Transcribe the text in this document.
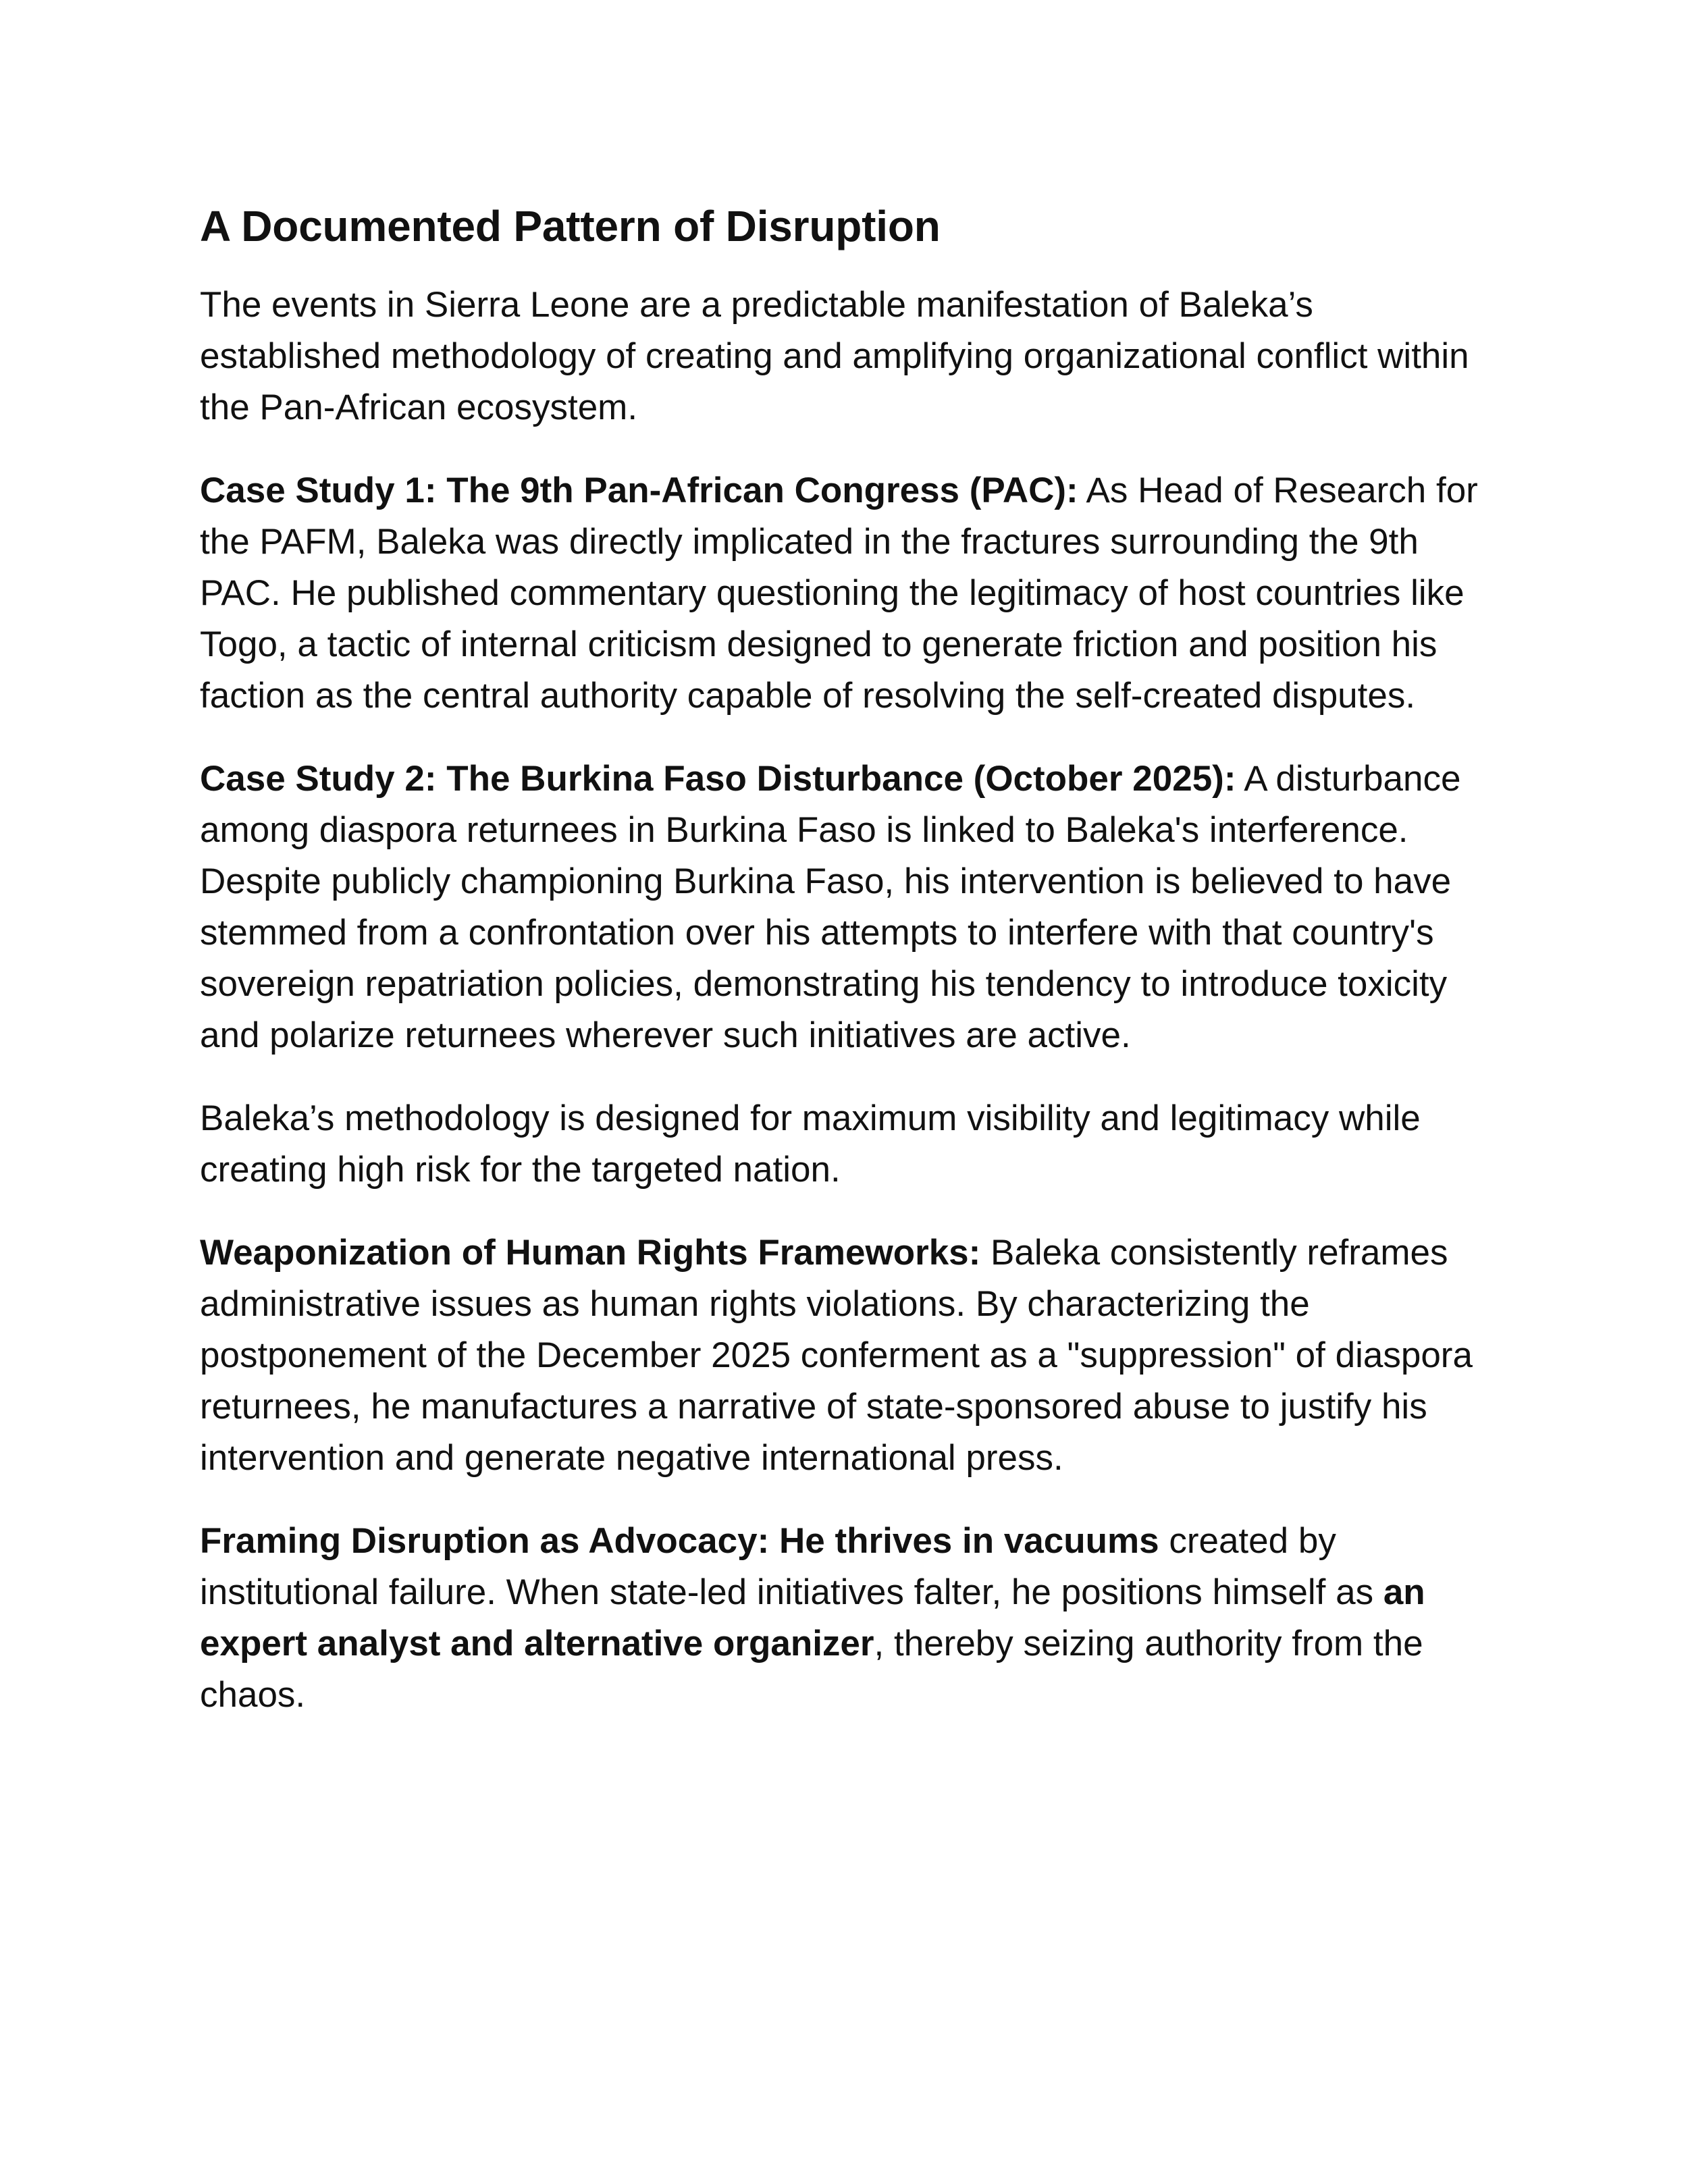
A Documented Pattern of Disruption

The events in Sierra Leone are a predictable manifestation of Baleka’s established methodology of creating and amplifying organizational conflict within the Pan-African ecosystem.

Case Study 1: The 9th Pan-African Congress (PAC): As Head of Research for the PAFM, Baleka was directly implicated in the fractures surrounding the 9th PAC. He published commentary questioning the legitimacy of host countries like Togo, a tactic of internal criticism designed to generate friction and position his faction as the central authority capable of resolving the self-created disputes.

Case Study 2: The Burkina Faso Disturbance (October 2025): A disturbance among diaspora returnees in Burkina Faso is linked to Baleka's interference. Despite publicly championing Burkina Faso, his intervention is believed to have stemmed from a confrontation over his attempts to interfere with that country's sovereign repatriation policies, demonstrating his tendency to introduce toxicity and polarize returnees wherever such initiatives are active.

Baleka’s methodology is designed for maximum visibility and legitimacy while creating high risk for the targeted nation.

Weaponization of Human Rights Frameworks: Baleka consistently reframes administrative issues as human rights violations. By characterizing the postponement of the December 2025 conferment as a "suppression" of diaspora returnees, he manufactures a narrative of state-sponsored abuse to justify his intervention and generate negative international press.

Framing Disruption as Advocacy: He thrives in vacuums created by institutional failure. When state-led initiatives falter, he positions himself as an expert analyst and alternative organizer, thereby seizing authority from the chaos.
